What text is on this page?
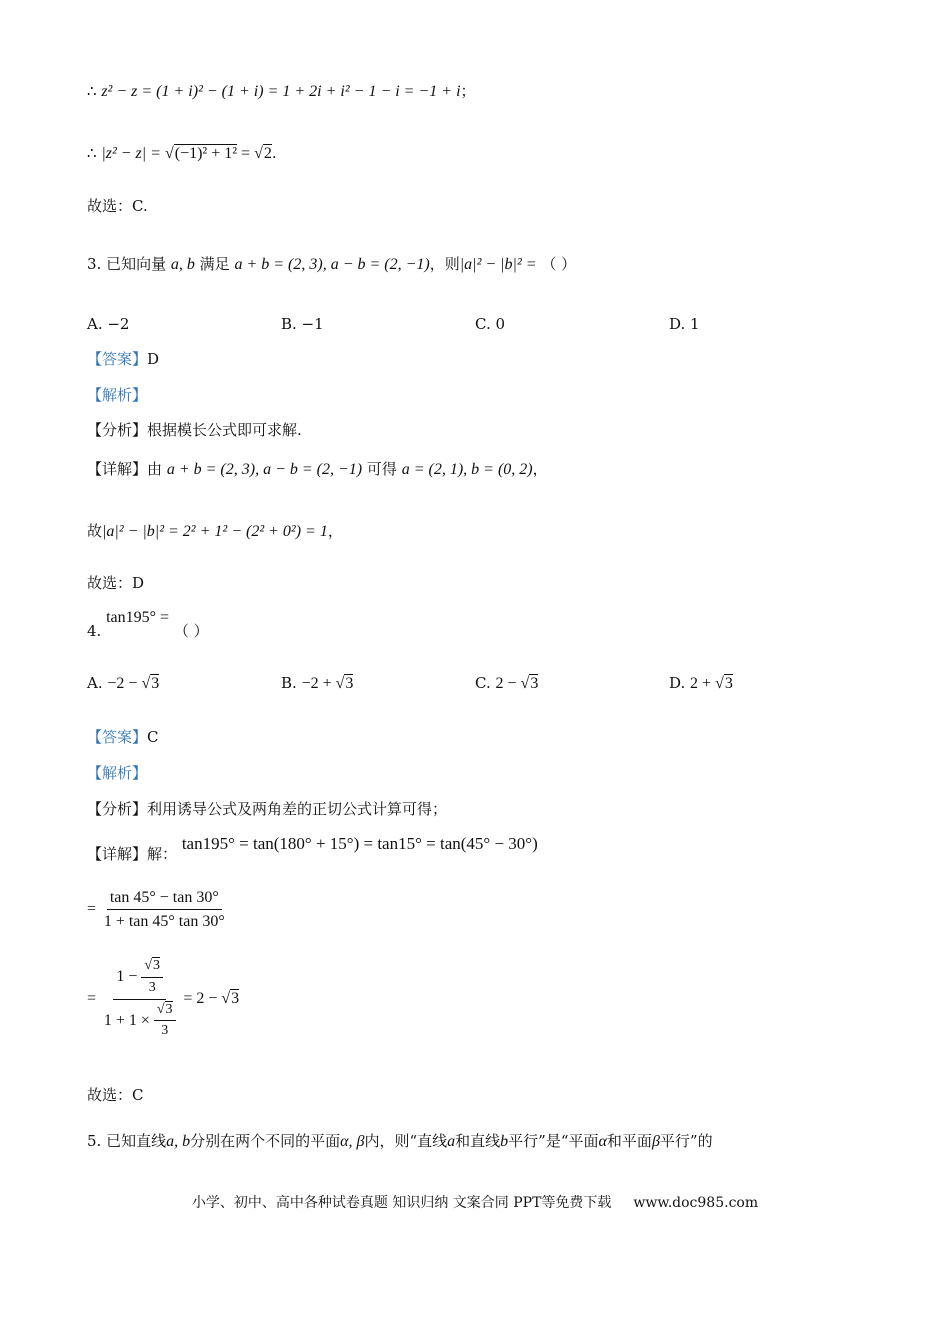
∴ z² − z = (1 + i)² − (1 + i) = 1 + 2i + i² − 1 − i = −1 + i；
∴ |z² − z| = √(−1)² + 1² = √2.
故选：C.
3. 已知向量 a, b 满足 a + b = (2, 3), a − b = (2, −1)，则|a|² − |b|² = （ ）
A. −2	B. −1	C. 0	D. 1
【答案】D
【解析】
【分析】根据模长公式即可求解.
【详解】由 a + b = (2, 3), a − b = (2, −1) 可得 a = (2, 1), b = (0, 2)，
故|a|² − |b|² = 2² + 1² − (2² + 0²) = 1，
故选：D
4. tan195° = （ ）
A. −2 − √3	B. −2 + √3	C. 2 − √3	D. 2 + √3
【答案】C
【解析】
【分析】利用诱导公式及两角差的正切公式计算可得；
【详解】解： tan195° = tan(180° + 15°) = tan15° = tan(45° − 30°)
= $\frac{\tan 45^\circ - \tan 30^\circ}{1 + \tan 45^\circ \tan 30^\circ}$
= $\frac{1 - \frac{√3}{3}}{1 + 1 \times \frac{√3}{3}} = 2 - √3$
故选：C
5. 已知直线a, b分别在两个不同的平面α, β内，则“直线a和直线b平行”是“平面α和平面β平行”的
小学、初中、高中各种试卷真题 知识归纳 文案合同 PPT等免费下载 www.doc985.com
